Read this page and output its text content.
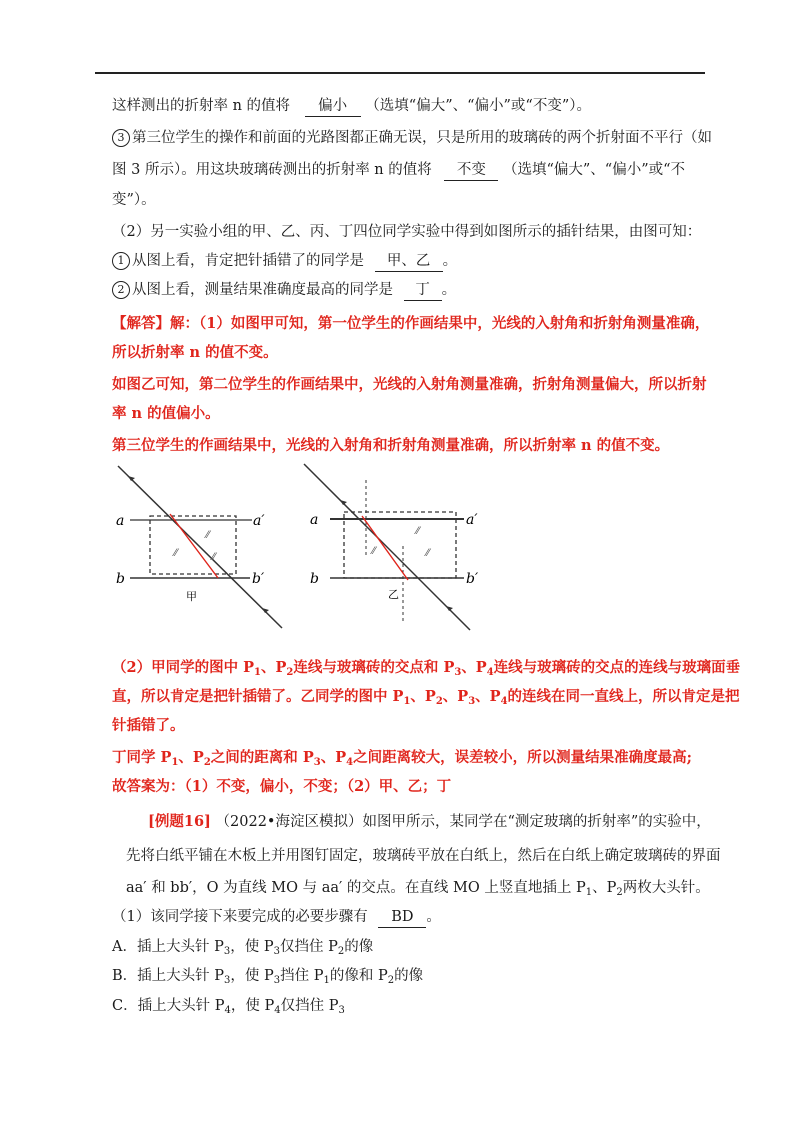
这样测出的折射率 n 的值将 偏小 （选填“偏大”、“偏小”或“不变”）。
3 第三位学生的操作和前面的光路图都正确无误，只是所用的玻璃砖的两个折射面不平行（如
图 3 所示）。用这块玻璃砖测出的折射率 n 的值将 不变 （选填“偏大”、“偏小”或“不
变”）。
（2）另一实验小组的甲、乙、丙、丁四位同学实验中得到如图所示的插针结果，由图可知：
1 从图上看，肯定把针插错了的同学是 甲、乙 。
2 从图上看，测量结果准确度最高的同学是 丁 。
【解答】解：（1）如图甲可知，第一位学生的作画结果中，光线的入射角和折射角测量准确，
所以折射率 n 的值不变。
如图乙可知，第二位学生的作画结果中，光线的入射角测量准确，折射角测量偏大，所以折射
率 n 的值偏小。
第三位学生的作画结果中，光线的入射角和折射角测量准确，所以折射率 n 的值不变。
a	a′
b	b′
甲
⁄⁄
⁄⁄	⁄⁄
a	a′
b	b′
乙
⁄⁄
⁄⁄	⁄⁄
（2）甲同学的图中 $P_1$、$P_2$连线与玻璃砖的交点和 $P_3$、$P_4$连线与玻璃砖的交点的连线与玻璃面垂
直，所以肯定是把针插错了。乙同学的图中 $P_1$、$P_2$、$P_3$、$P_4$的连线在同一直线上，所以肯定是把
针插错了。
丁同学 $P_1$、$P_2$之间的距离和 $P_3$、$P_4$之间距离较大，误差较小，所以测量结果准确度最高;
故答案为：（1）不变，偏小，不变；（2）甲、乙；丁
[例题16] （2022•海淀区模拟）如图甲所示，某同学在“测定玻璃的折射率”的实验中，
先将白纸平铺在木板上并用图钉固定，玻璃砖平放在白纸上，然后在白纸上确定玻璃砖的界面
aa′ 和 bb′，O 为直线 MO 与 aa′ 的交点。在直线 MO 上竖直地插上 $P_1$、$P_2$两枚大头针。
（1）该同学接下来要完成的必要步骤有 BD 。
A．插上大头针 $P_3$，使 $P_3$仅挡住 $P_2$的像
B．插上大头针 $P_3$，使 $P_3$挡住 $P_1$的像和 $P_2$的像
C．插上大头针 $P_4$，使 $P_4$仅挡住 $P_3$
